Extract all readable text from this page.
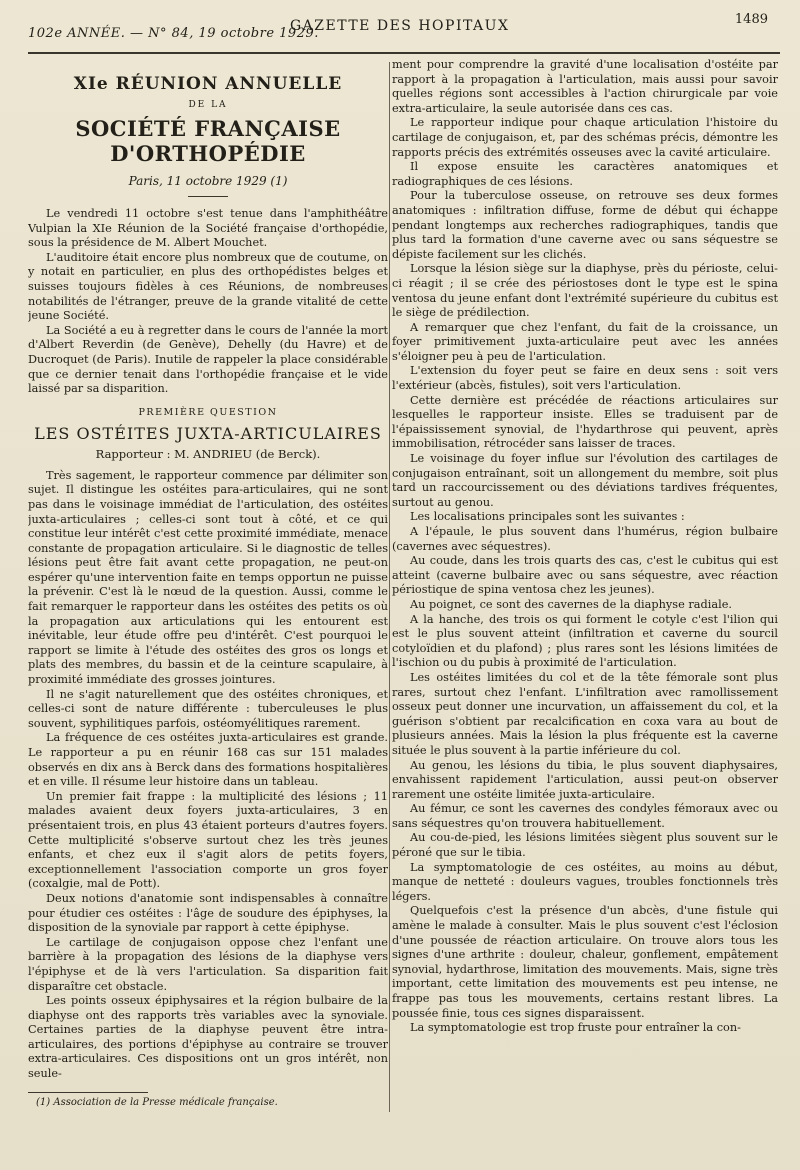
102e ANNÉE. — N° 84, 19 octobre 1929.
GAZETTE DES HOPITAUX	1489
XIe RÉUNION ANNUELLE
DE LA
SOCIÉTÉ FRANÇAISE D'ORTHOPÉDIE
Paris, 11 octobre 1929 (1)

Le vendredi 11 octobre s'est tenue dans l'amphithéâtre Vulpian la XIe Réunion de la Société française d'orthopédie, sous la présidence de M. Albert Mouchet.

L'auditoire était encore plus nombreux que de coutume, on y notait en particulier, en plus des orthopédistes belges et suisses toujours fidèles à ces Réunions, de nombreuses notabilités de l'étranger, preuve de la grande vitalité de cette jeune Société.

La Société a eu à regretter dans le cours de l'année la mort d'Albert Reverdin (de Genève), Dehelly (du Havre) et de Ducroquet (de Paris). Inutile de rappeler la place considérable que ce dernier tenait dans l'orthopédie française et le vide laissé par sa disparition.

PREMIÈRE QUESTION
LES OSTÉITES JUXTA-ARTICULAIRES
Rapporteur : M. ANDRIEU (de Berck).

Très sagement, le rapporteur commence par délimiter son sujet. Il distingue les ostéites para-articulaires, qui ne sont pas dans le voisinage immédiat de l'articulation, des ostéites juxta-articulaires ; celles-ci sont tout à côté, et ce qui constitue leur intérêt c'est cette proximité immédiate, menace constante de propagation articulaire. Si le diagnostic de telles lésions peut être fait avant cette propagation, ne peut-on espérer qu'une intervention faite en temps opportun ne puisse la prévenir. C'est là le nœud de la question. Aussi, comme le fait remarquer le rapporteur dans les ostéites des petits os où la propagation aux articulations qui les entourent est inévitable, leur étude offre peu d'intérêt. C'est pourquoi le rapport se limite à l'étude des ostéites des gros os longs et plats des membres, du bassin et de la ceinture scapulaire, à proximité immédiate des grosses jointures.

Il ne s'agit naturellement que des ostéites chroniques, et celles-ci sont de nature différente : tuberculeuses le plus souvent, syphilitiques parfois, ostéomyélitiques rarement.

La fréquence de ces ostéites juxta-articulaires est grande. Le rapporteur a pu en réunir 168 cas sur 151 malades observés en dix ans à Berck dans des formations hospitalières et en ville. Il résume leur histoire dans un tableau.

Un premier fait frappe : la multiplicité des lésions ; 11 malades avaient deux foyers juxta-articulaires, 3 en présentaient trois, en plus 43 étaient porteurs d'autres foyers. Cette multiplicité s'observe surtout chez les très jeunes enfants, et chez eux il s'agit alors de petits foyers, exceptionnellement l'association comporte un gros foyer (coxalgie, mal de Pott).

Deux notions d'anatomie sont indispensables à connaître pour étudier ces ostéites : l'âge de soudure des épiphyses, la disposition de la synoviale par rapport à cette épiphyse.

Le cartilage de conjugaison oppose chez l'enfant une barrière à la propagation des lésions de la diaphyse vers l'épiphyse et de là vers l'articulation. Sa disparition fait disparaître cet obstacle.

Les points osseux épiphysaires et la région bulbaire de la diaphyse ont des rapports très variables avec la synoviale. Certaines parties de la diaphyse peuvent être intra-articulaires, des portions d'épiphyse au contraire se trouver extra-articulaires. Ces dispositions ont un gros intérêt, non seule-

(1) Association de la Presse médicale française.

ment pour comprendre la gravité d'une localisation d'ostéite par rapport à la propagation à l'articulation, mais aussi pour savoir quelles régions sont accessibles à l'action chirurgicale par voie extra-articulaire, la seule autorisée dans ces cas.

Le rapporteur indique pour chaque articulation l'histoire du cartilage de conjugaison, et, par des schémas précis, démontre les rapports précis des extrémités osseuses avec la cavité articulaire.

Il expose ensuite les caractères anatomiques et radiographiques de ces lésions.

Pour la tuberculose osseuse, on retrouve ses deux formes anatomiques : infiltration diffuse, forme de début qui échappe pendant longtemps aux recherches radiographiques, tandis que plus tard la formation d'une caverne avec ou sans séquestre se dépiste facilement sur les clichés.

Lorsque la lésion siège sur la diaphyse, près du périoste, celui-ci réagit ; il se crée des périostoses dont le type est le spina ventosa du jeune enfant dont l'extrémité supérieure du cubitus est le siège de prédilection.

A remarquer que chez l'enfant, du fait de la croissance, un foyer primitivement juxta-articulaire peut avec les années s'éloigner peu à peu de l'articulation.

L'extension du foyer peut se faire en deux sens : soit vers l'extérieur (abcès, fistules), soit vers l'articulation.

Cette dernière est précédée de réactions articulaires sur lesquelles le rapporteur insiste. Elles se traduisent par de l'épaississement synovial, de l'hydarthrose qui peuvent, après immobilisation, rétrocéder sans laisser de traces.

Le voisinage du foyer influe sur l'évolution des cartilages de conjugaison entraînant, soit un allongement du membre, soit plus tard un raccourcissement ou des déviations tardives fréquentes, surtout au genou.

Les localisations principales sont les suivantes :

A l'épaule, le plus souvent dans l'humérus, région bulbaire (cavernes avec séquestres).

Au coude, dans les trois quarts des cas, c'est le cubitus qui est atteint (caverne bulbaire avec ou sans séquestre, avec réaction périostique de spina ventosa chez les jeunes).

Au poignet, ce sont des cavernes de la diaphyse radiale.

A la hanche, des trois os qui forment le cotyle c'est l'ilion qui est le plus souvent atteint (infiltration et caverne du sourcil cotyloïdien et du plafond) ; plus rares sont les lésions limitées de l'ischion ou du pubis à proximité de l'articulation.

Les ostéites limitées du col et de la tête fémorale sont plus rares, surtout chez l'enfant. L'infiltration avec ramollissement osseux peut donner une incurvation, un affaissement du col, et la guérison s'obtient par recalcification en coxa vara au bout de plusieurs années. Mais la lésion la plus fréquente est la caverne située le plus souvent à la partie inférieure du col.

Au genou, les lésions du tibia, le plus souvent diaphysaires, envahissent rapidement l'articulation, aussi peut-on observer rarement une ostéite limitée juxta-articulaire.

Au fémur, ce sont les cavernes des condyles fémoraux avec ou sans séquestres qu'on trouvera habituellement.

Au cou-de-pied, les lésions limitées siègent plus souvent sur le péroné que sur le tibia.

La symptomatologie de ces ostéites, au moins au début, manque de netteté : douleurs vagues, troubles fonctionnels très légers.

Quelquefois c'est la présence d'un abcès, d'une fistule qui amène le malade à consulter. Mais le plus souvent c'est l'éclosion d'une poussée de réaction articulaire. On trouve alors tous les signes d'une arthrite : douleur, chaleur, gonflement, empâtement synovial, hydarthrose, limitation des mouvements. Mais, signe très important, cette limitation des mouvements est peu intense, ne frappe pas tous les mouvements, certains restant libres. La poussée finie, tous ces signes disparaissent.

La symptomatologie est trop fruste pour entraîner la con-
